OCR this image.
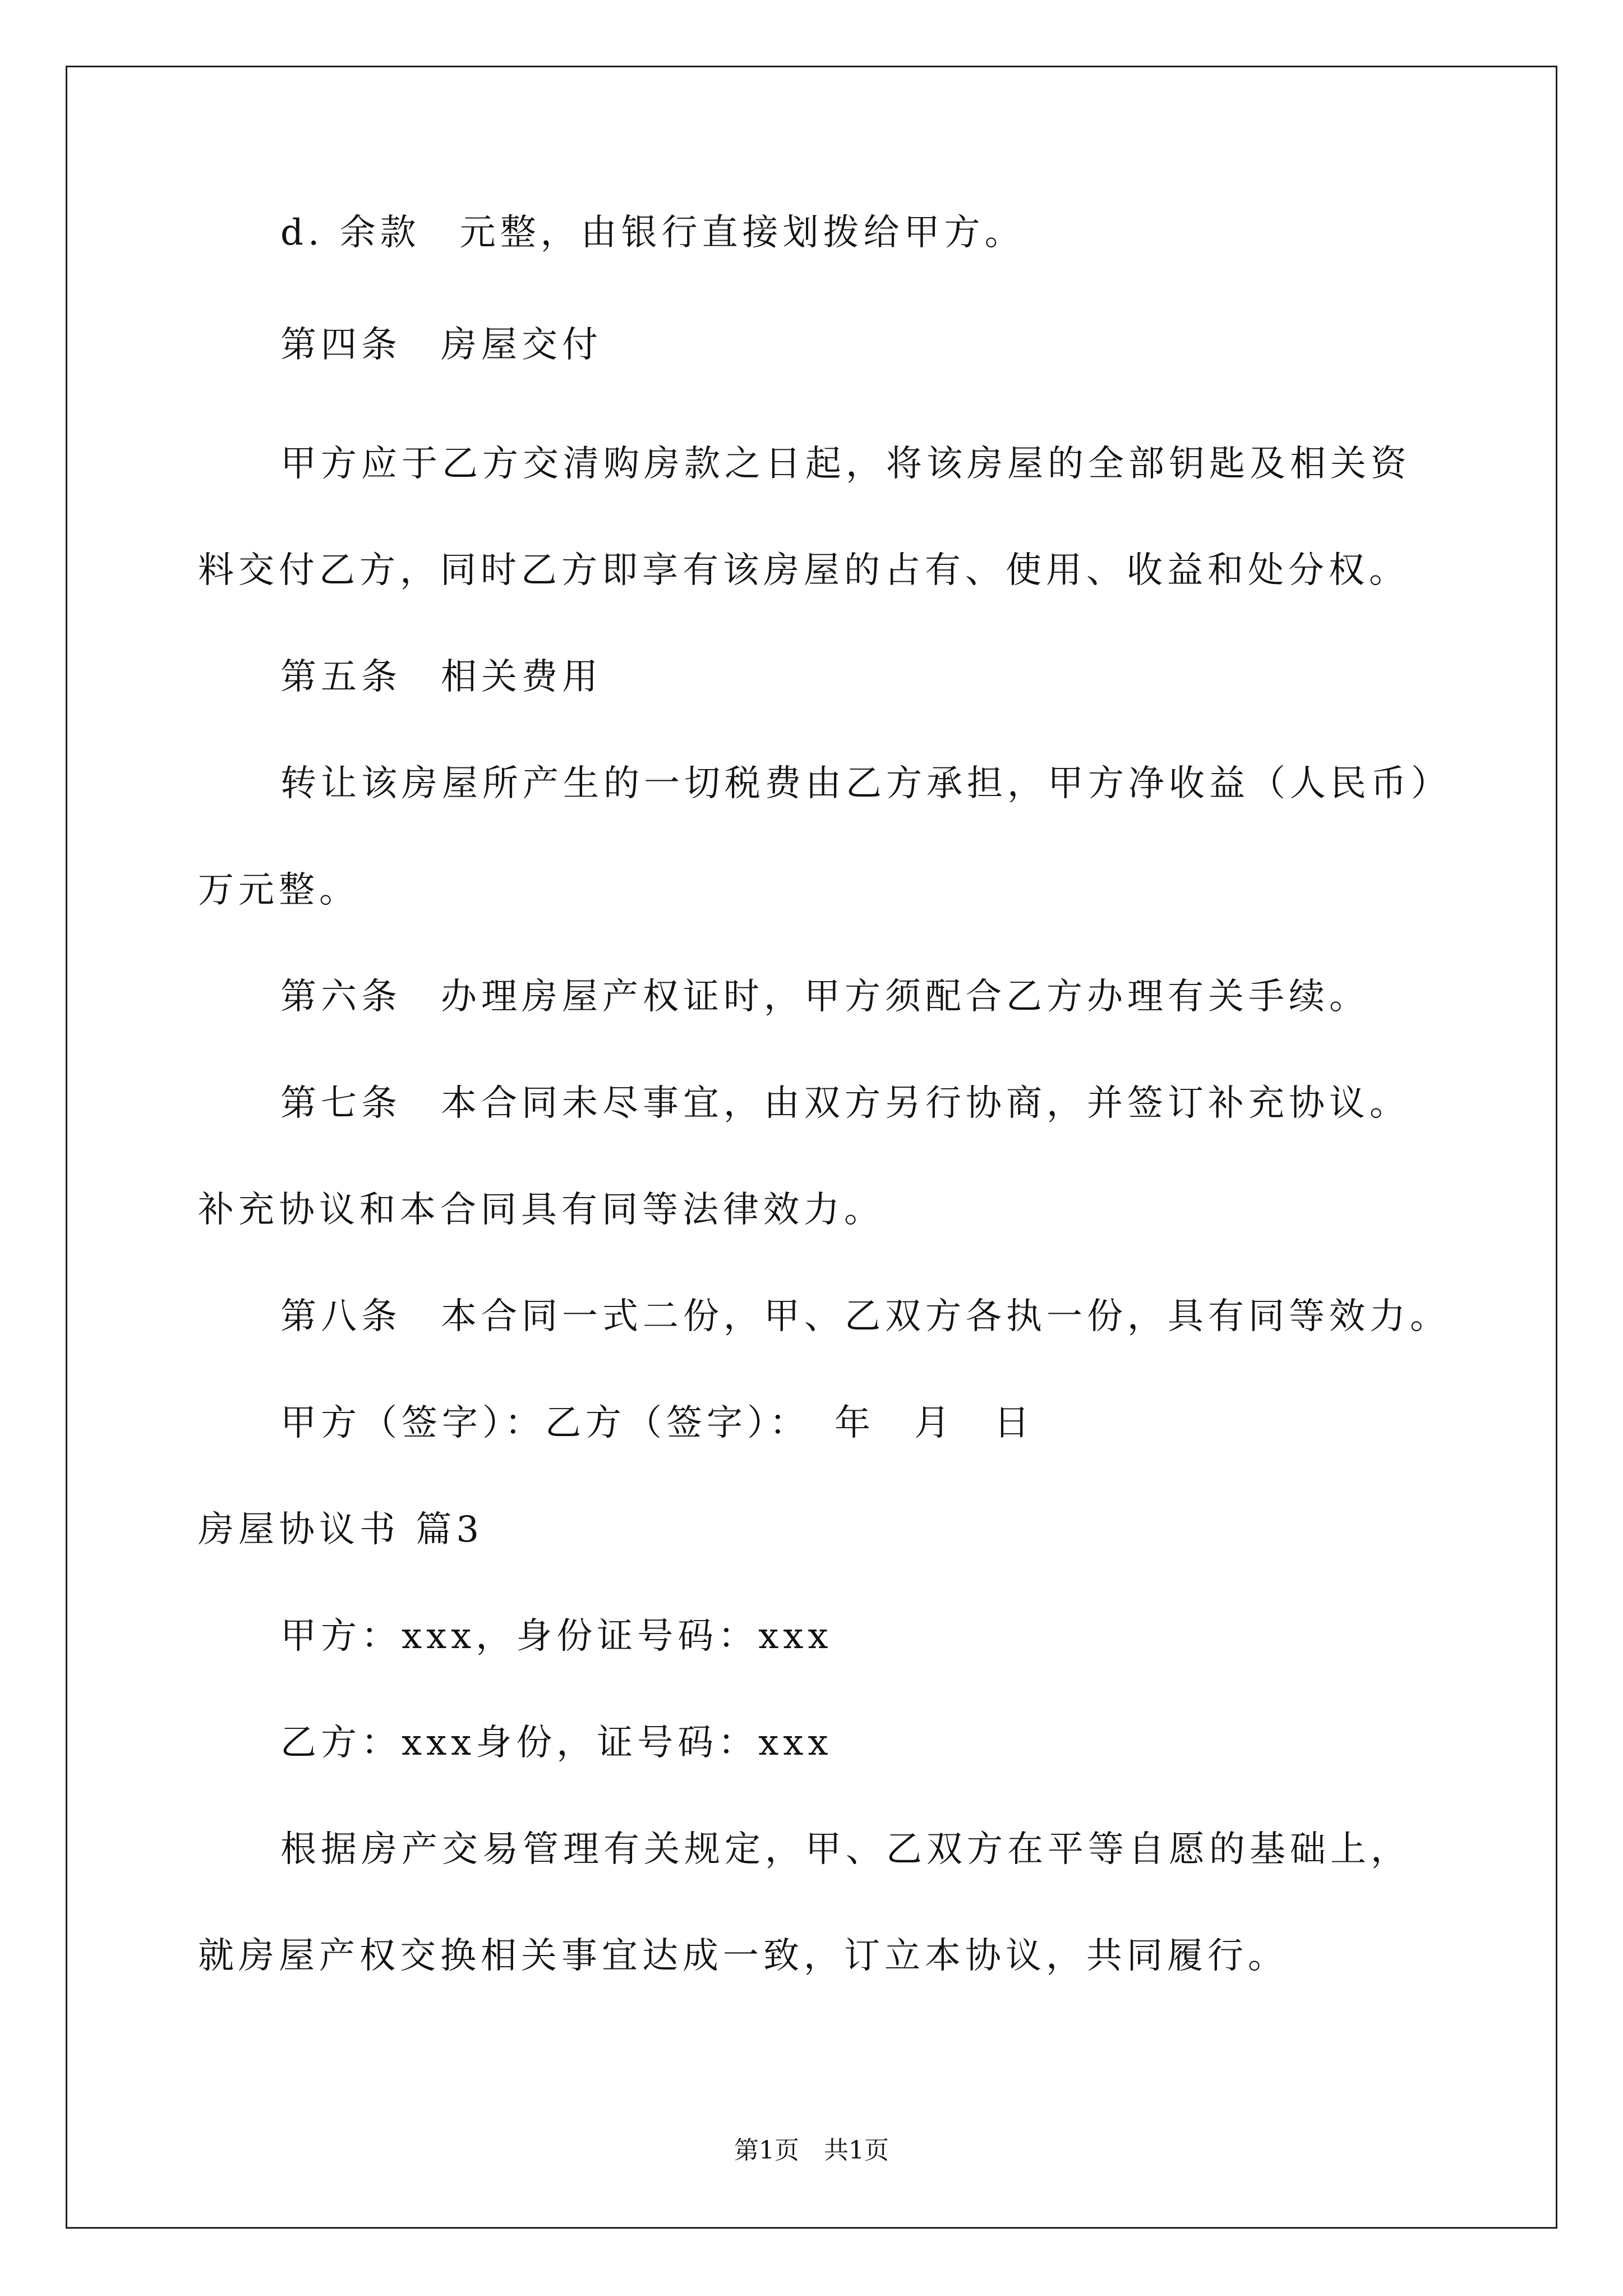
d. 余款 元整，由银行直接划拨给甲方。
第四条 房屋交付
甲方应于乙方交清购房款之日起，将该房屋的全部钥匙及相关资
料交付乙方，同时乙方即享有该房屋的占有、使用、收益和处分权。
第五条 相关费用
转让该房屋所产生的一切税费由乙方承担，甲方净收益（人民币）
万元整。
第六条 办理房屋产权证时，甲方须配合乙方办理有关手续。
第七条 本合同未尽事宜，由双方另行协商，并签订补充协议。
补充协议和本合同具有同等法律效力。
第八条 本合同一式二份，甲、乙双方各执一份，具有同等效力。
甲方（签字）：乙方（签字）： 年 月 日
房屋协议书 篇3
甲方：xxx，身份证号码：xxx
乙方：xxx身份，证号码：xxx
根据房产交易管理有关规定，甲、乙双方在平等自愿的基础上，
就房屋产权交换相关事宜达成一致，订立本协议，共同履行。
第1页　共1页
